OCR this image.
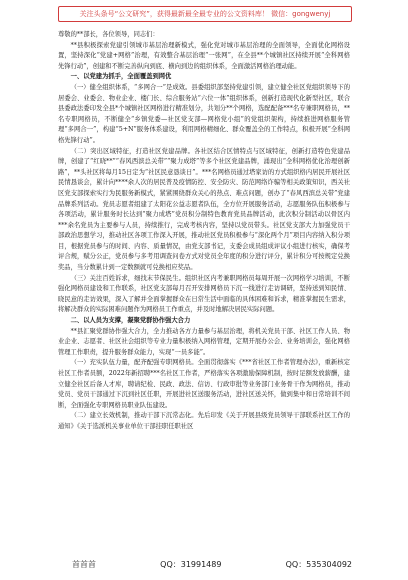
关注头条号“公文研究”，获得最新最全最专业的公文资料库！ 微信：gongwenyj

尊敬的**部长，各位领导，同志们：

**县积极探索党建引领城市基层治理新模式，强化党对城市基层治理的全面领导，全面优化网格设置，坚持深化“党建+网格”治理，有效整合基层治理“一张网”，在全县**个城镇社区持续开展“全科网格先锋行动”，创建和不断完善纵向到底、横向到边的组织体系，全面激活网格治理动能。

一、以党建为抓手，全面覆盖到网优

（一）健全组织体系，“多网合一”是成效。县委组织部坚持党建引领，建立健全社区党组织领导下的居委会、业委会、物业企业、楼门长、综合服务站“六位一体”组织体系，创新打造现代化新型社区，联合县委政法委印发全县*个城镇社区网格进行精准划分，共划分**个网格，选配配备***名专兼职网格员，**名专职网格员，不断健全“乡镇党委—社区党支部—网格党小组”的党组织架构，持续推进网格服务管理“多网合一”，构建“5+N”服务体系建设，利用网格精细化、群众覆盖全的工作特点，积极开展“全科网格先锋行动”。

（二）突出区域特征，打造社区党建品牌。各社区结合区情特点与区域特征，创新打造特色党建品牌，创建了“红晓**”“春风西滨总关带”“聚力成塔”等多个社区党建品牌，涌现出“全科网格优化治理创新路”，**头社区将每月15日定为“社区民意恳谈日”。***名网格员通过塔家访的方式组织格内居民开展社区民情恳谈会，累计向****余人次的居民普及疫情防控、安全防灾、防范网络诈骗等相关政策知识，西关社区党支部探索实行为民服务新模式，紧紧围绕群众关心的热点、难点问题，创办了“春风西滨总关带”党建品牌系列活动。党员志愿者组建了太阳花公益志愿者队伍，全方位开展服务活动，志愿服务队伍积极参与各项活动，累计服务时长达到“聚力成塔”党员积分制特色教育党员品牌活动，此次积分制活动以骨区内***余名党员为主要参与人员，持续推行，完成考核内容，坚持以党员带头。社区党支部大力加强党员干部政治思想学习，推动社区各项工作深入开展，推动社区党员积极参与“深化两个月”项目内容纳入积分项目，根据党员参与的时间、内容、质量情况，由党支部书记，支委会成员组成评议小组进行核实，确保考评合规，赋分公正，党员参与多考用调查问卷方式对党员全年度的积分进行评分，累计积分可按规定兑换奖品，当分数累计到一定数额就可兑换相应奖品。

（三）关注百姓诉求，细找末节保民生。组织社区内考兼职网格员每周开展一次网格学习培训，不断强化网格员建设和工作联系，社区党支部每月召开安排网格员下沉一线进行走访调研，坚持送到知民情、晓民意的走访效果，深入了解并全面掌握群众在日常生活中面临的具体困难和诉求，精准掌握民生需求，将解决群众的实际困难问题作为网格员工作重点，并及时地解决居民实际问题。

二、以人员为支撑，凝聚党群协作强大合力

**县汇聚党群协作强大合力，全力推动各方力量参与基层治理，将机关党员干部、社区工作人员、物业企业、志愿者、社区社会组织等专业力量积极纳入网格管理，定期开展办公会、业务培训会，强化网格管理工作职责，提升服务群众能力，实现“一员多能”。

（一）充实队伍力量，配齐配强专职网格员。全面贯彻落实《***省社区工作者管理办法》，重新核定社区工作者员额，2022年新招聘***名社区工作者，严格落实各项激励保障机制，按时足额发放薪酬，建立健全社区后备人才库，聘请纪检、民政、政法、信访、行政审批等业务部门业务骨干作为网格员，推动党员、党员干部通过下沉到社区任职，开展进社区送服务活动，进社区送关怀，做到集中和日常培训不间断，全面强化专职网格员职业队伍建设。

（二）建立长效机制，推动干部下沉常态化。先后印发《关于开展县级党员领导干部联系社区工作的通知》《关于选派机关事业单位干部挂职任职社区

首首首	QQ：31991489	QQ：535304092
